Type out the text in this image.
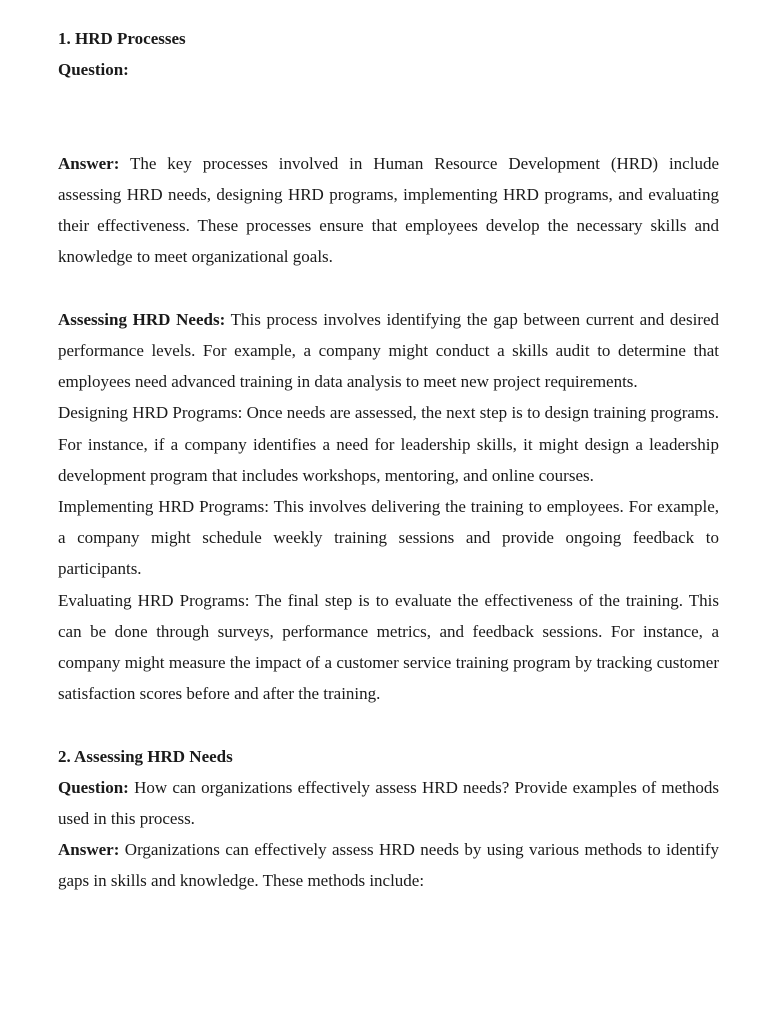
1. HRD Processes

Question:

Answer: The key processes involved in Human Resource Development (HRD) include assessing HRD needs, designing HRD programs, implementing HRD programs, and evaluating their effectiveness. These processes ensure that employees develop the necessary skills and knowledge to meet organizational goals.

Assessing HRD Needs: This process involves identifying the gap between current and desired performance levels. For example, a company might conduct a skills audit to determine that employees need advanced training in data analysis to meet new project requirements.

Designing HRD Programs: Once needs are assessed, the next step is to design training programs. For instance, if a company identifies a need for leadership skills, it might design a leadership development program that includes workshops, mentoring, and online courses.

Implementing HRD Programs: This involves delivering the training to employees. For example, a company might schedule weekly training sessions and provide ongoing feedback to participants.

Evaluating HRD Programs: The final step is to evaluate the effectiveness of the training. This can be done through surveys, performance metrics, and feedback sessions. For instance, a company might measure the impact of a customer service training program by tracking customer satisfaction scores before and after the training.

2. Assessing HRD Needs

Question: How can organizations effectively assess HRD needs? Provide examples of methods used in this process.

Answer: Organizations can effectively assess HRD needs by using various methods to identify gaps in skills and knowledge. These methods include:
